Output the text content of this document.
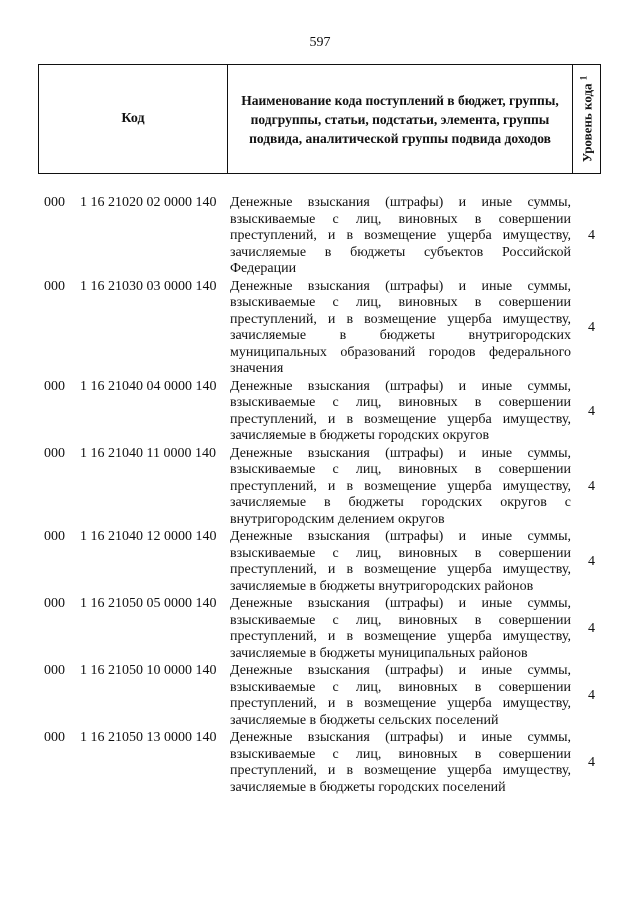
597
Код
Наименование кода поступлений в бюджет, группы, подгруппы, статьи, подстатьи, элемента, группы подвида, аналитической группы подвида доходов	Уровень кода $^1$
000 1 16 21020 02 0000 140 Денежные взыскания (штрафы) и иные суммы, взыскиваемые с лиц, виновных в совершении преступлений, и в возмещение ущерба имуществу, зачисляемые в бюджеты субъектов Российской Федерации
4
000 1 16 21030 03 0000 140 Денежные взыскания (штрафы) и иные суммы, взыскиваемые с лиц, виновных в совершении преступлений, и в возмещение ущерба имуществу, зачисляемые в бюджеты внутригородских муниципальных образований городов федерального значения
4
000 1 16 21040 04 0000 140 Денежные взыскания (штрафы) и иные суммы, взыскиваемые с лиц, виновных в совершении преступлений, и в возмещение ущерба имуществу, зачисляемые в бюджеты городских округов
4
000 1 16 21040 11 0000 140 Денежные взыскания (штрафы) и иные суммы, взыскиваемые с лиц, виновных в совершении преступлений, и в возмещение ущерба имуществу, зачисляемые в бюджеты городских округов с внутригородским делением округов
4
000 1 16 21040 12 0000 140 Денежные взыскания (штрафы) и иные суммы, взыскиваемые с лиц, виновных в совершении преступлений, и в возмещение ущерба имуществу, зачисляемые в бюджеты внутригородских районов
4
000 1 16 21050 05 0000 140 Денежные взыскания (штрафы) и иные суммы, взыскиваемые с лиц, виновных в совершении преступлений, и в возмещение ущерба имуществу, зачисляемые в бюджеты муниципальных районов
4
000 1 16 21050 10 0000 140 Денежные взыскания (штрафы) и иные суммы, взыскиваемые с лиц, виновных в совершении преступлений, и в возмещение ущерба имуществу, зачисляемые в бюджеты сельских поселений
4
000 1 16 21050 13 0000 140 Денежные взыскания (штрафы) и иные суммы, взыскиваемые с лиц, виновных в совершении преступлений, и в возмещение ущерба имуществу, зачисляемые в бюджеты городских поселений
4
